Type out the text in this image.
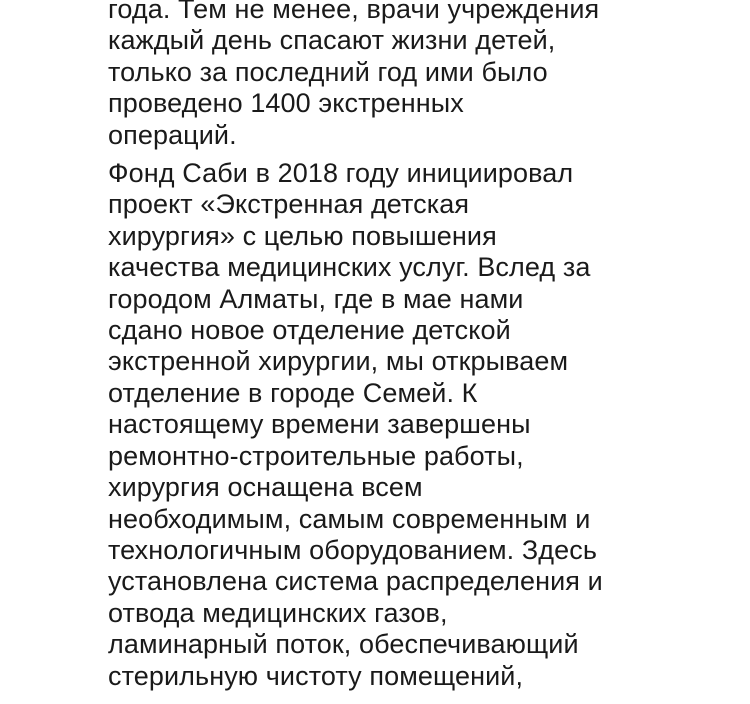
года. Тем не менее, врачи учреждения
каждый день спасают жизни детей,
только за последний год ими было
проведено 1400 экстренных
операций.

Фонд Саби в 2018 году инициировал
проект «Экстренная детская
хирургия» с целью повышения
качества медицинских услуг. Вслед за
городом Алматы, где в мае нами
сдано новое отделение детской
экстренной хирургии, мы открываем
отделение в городе Семей. К
настоящему времени завершены
ремонтно-строительные работы,
хирургия оснащена всем
необходимым, самым современным и
технологичным оборудованием. Здесь
установлена система распределения и
отвода медицинских газов,
ламинарный поток, обеспечивающий
стерильную чистоту помещений,
